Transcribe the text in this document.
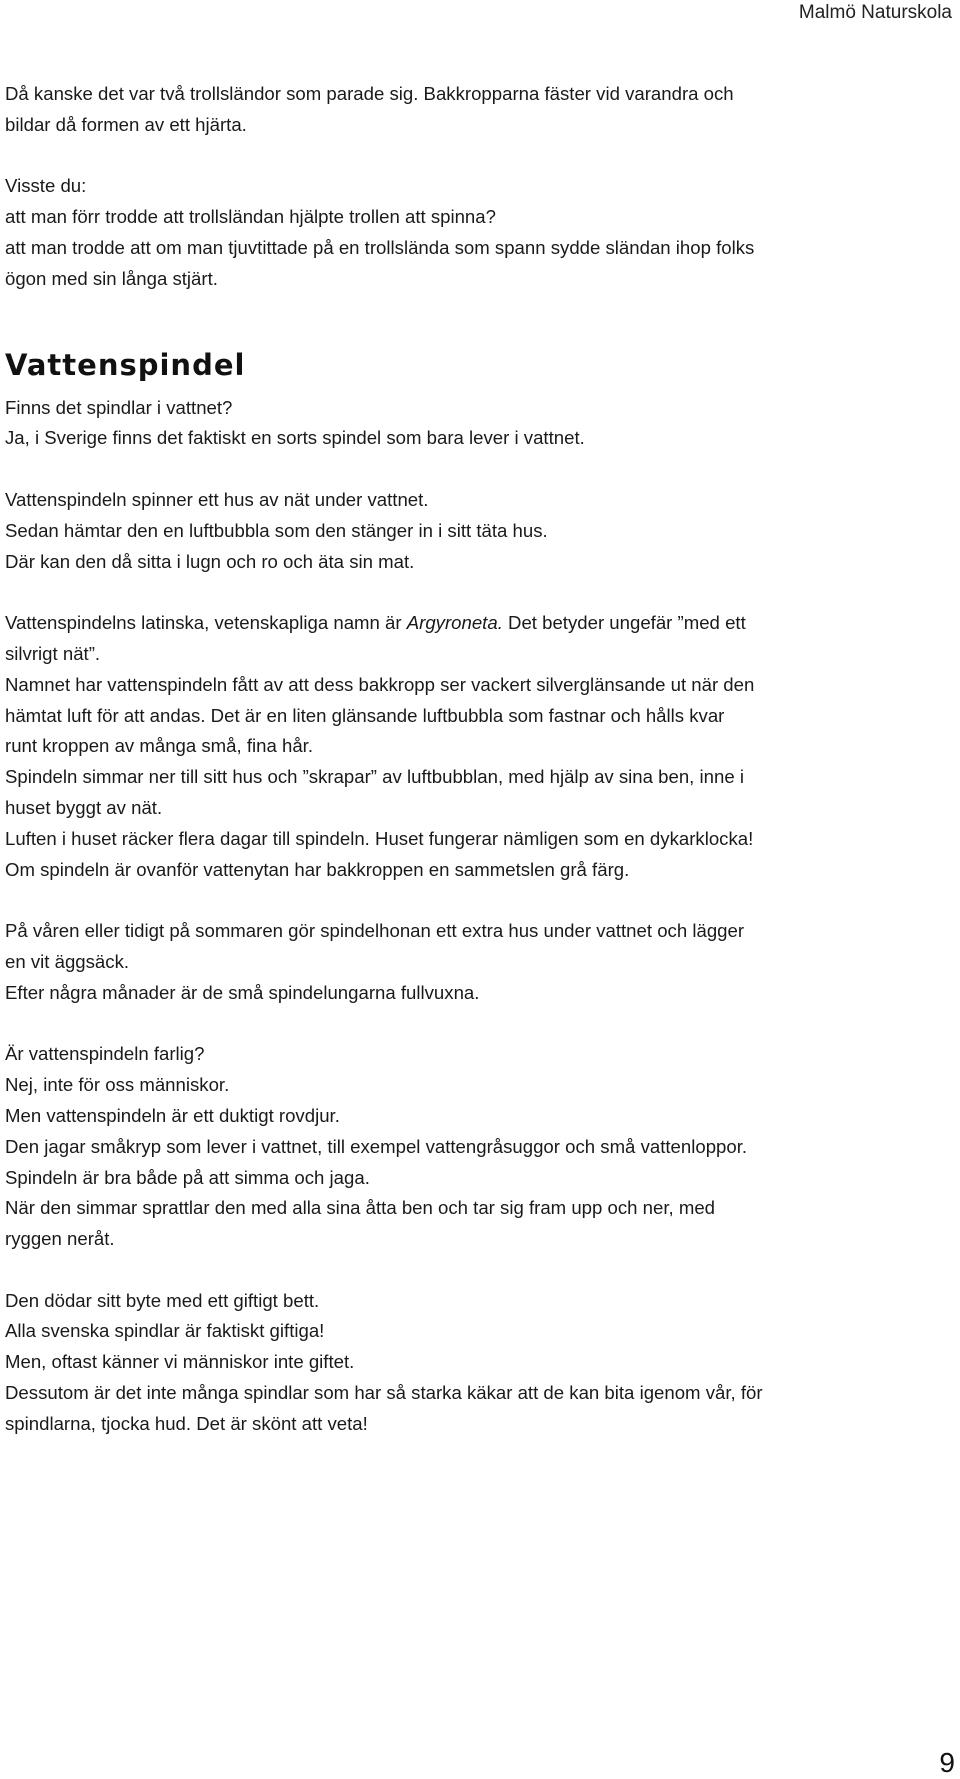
Malmö Naturskola
Då kanske det var två trollsländor som parade sig. Bakkropparna fäster vid varandra och
bildar då formen av ett hjärta.
Visste du:
att man förr trodde att trollsländan hjälpte trollen att spinna?
att man trodde att om man tjuvtittade på en trollslända som spann sydde sländan ihop folks
ögon med sin långa stjärt.
Vattenspindel
Finns det spindlar i vattnet?
Ja, i Sverige finns det faktiskt en sorts spindel som bara lever i vattnet.
Vattenspindeln spinner ett hus av nät under vattnet.
Sedan hämtar den en luftbubbla som den stänger in i sitt täta hus.
Där kan den då sitta i lugn och ro och äta sin mat.
Vattenspindelns latinska, vetenskapliga namn är Argyroneta. Det betyder ungefär ”med ett
silvrigt nät”.
Namnet har vattenspindeln fått av att dess bakkropp ser vackert silverglänsande ut när den
hämtat luft för att andas. Det är en liten glänsande luftbubbla som fastnar och hålls kvar
runt kroppen av många små, fina hår.
Spindeln simmar ner till sitt hus och ”skrapar” av luftbubblan, med hjälp av sina ben, inne i
huset byggt av nät.
Luften i huset räcker flera dagar till spindeln. Huset fungerar nämligen som en dykarklocka!
Om spindeln är ovanför vattenytan har bakkroppen en sammetslen grå färg.
På våren eller tidigt på sommaren gör spindelhonan ett extra hus under vattnet och lägger
en vit äggsäck.
Efter några månader är de små spindelungarna fullvuxna.
Är vattenspindeln farlig?
Nej, inte för oss människor.
Men vattenspindeln är ett duktigt rovdjur.
Den jagar småkryp som lever i vattnet, till exempel vattengråsuggor och små vattenloppor.
Spindeln är bra både på att simma och jaga.
När den simmar sprattlar den med alla sina åtta ben och tar sig fram upp och ner, med
ryggen neråt.
Den dödar sitt byte med ett giftigt bett.
Alla svenska spindlar är faktiskt giftiga!
Men, oftast känner vi människor inte giftet.
Dessutom är det inte många spindlar som har så starka käkar att de kan bita igenom vår, för
spindlarna, tjocka hud. Det är skönt att veta!
9
